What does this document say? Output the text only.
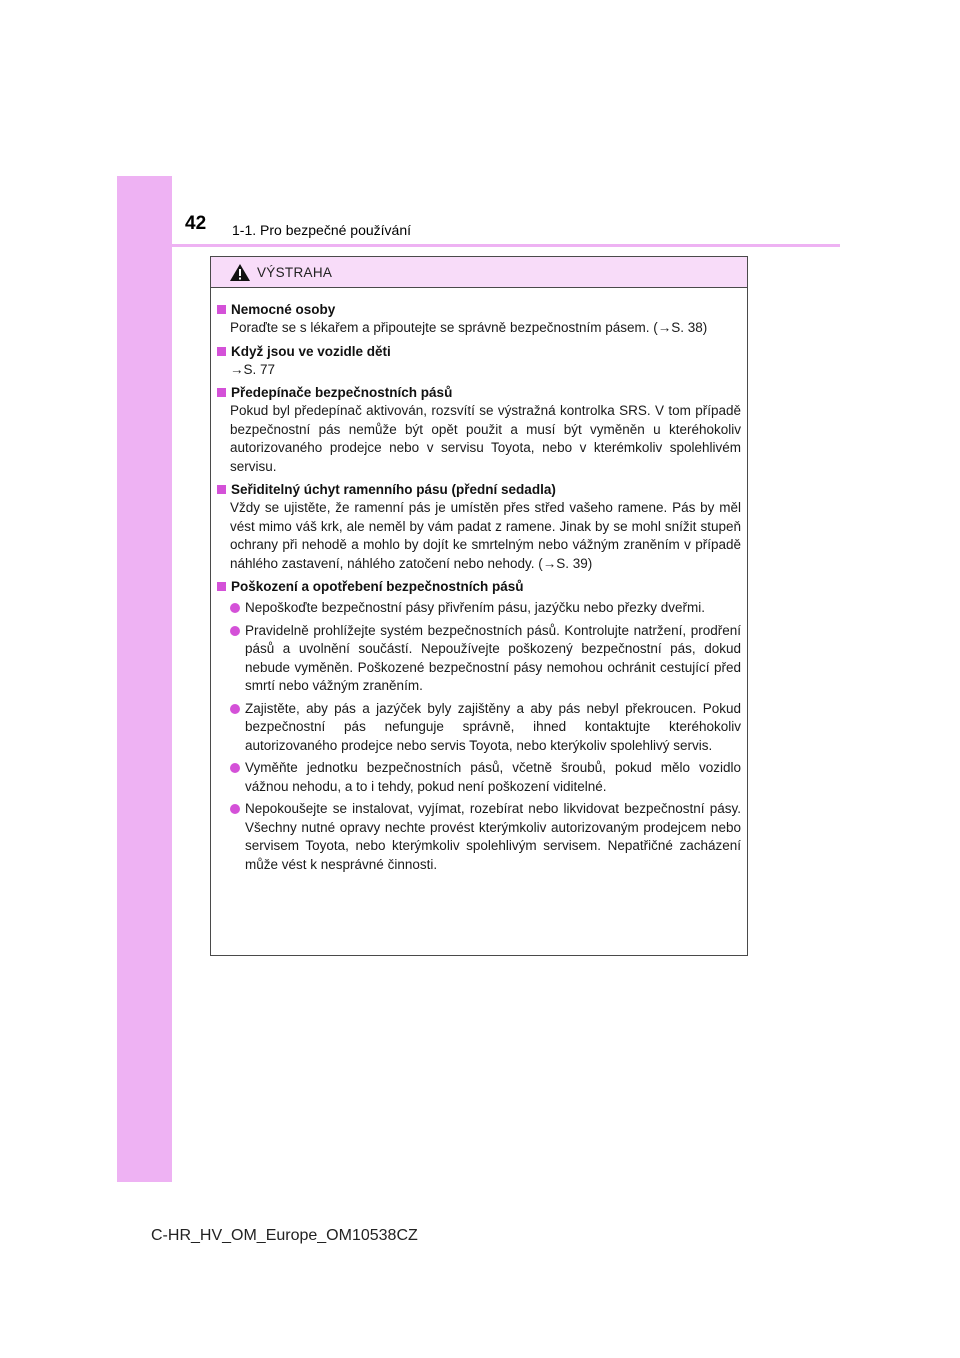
42 1-1. Pro bezpečné používání
VÝSTRAHA
Nemocné osoby
Poraďte se s lékařem a připoutejte se správně bezpečnostním pásem. (→S. 38)
Když jsou ve vozidle děti
→S. 77
Předepínače bezpečnostních pásů
Pokud byl předepínač aktivován, rozsvítí se výstražná kontrolka SRS. V tom případě bezpečnostní pás nemůže být opět použit a musí být vyměněn u kteréhokoliv autorizovaného prodejce nebo v servisu Toyota, nebo v kterémkoliv spolehlivém servisu.
Seřiditelný úchyt ramenního pásu (přední sedadla)
Vždy se ujistěte, že ramenní pás je umístěn přes střed vašeho ramene. Pás by měl vést mimo váš krk, ale neměl by vám padat z ramene. Jinak by se mohl snížit stupeň ochrany při nehodě a mohlo by dojít ke smrtelným nebo vážným zraněním v případě náhlého zastavení, náhlého zatočení nebo nehody. (→S. 39)
Poškození a opotřebení bezpečnostních pásů
Nepoškoďte bezpečnostní pásy přivřením pásu, jazýčku nebo přezky dveřmi.
Pravidelně prohlížejte systém bezpečnostních pásů. Kontrolujte natržení, prodření pásů a uvolnění součástí. Nepoužívejte poškozený bezpečnostní pás, dokud nebude vyměněn. Poškozené bezpečnostní pásy nemohou ochránit cestující před smrtí nebo vážným zraněním.
Zajistěte, aby pás a jazýček byly zajištěny a aby pás nebyl překroucen. Pokud bezpečnostní pás nefunguje správně, ihned kontaktujte kteréhokoliv autorizovaného prodejce nebo servis Toyota, nebo kterýkoliv spolehlivý servis.
Vyměňte jednotku bezpečnostních pásů, včetně šroubů, pokud mělo vozidlo vážnou nehodu, a to i tehdy, pokud není poškození viditelné.
Nepokoušejte se instalovat, vyjímat, rozebírat nebo likvidovat bezpečnostní pásy. Všechny nutné opravy nechte provést kterýmkoliv autorizovaným prodejcem nebo servisem Toyota, nebo kterýmkoliv spolehlivým servisem. Nepatřičné zacházení může vést k nesprávné činnosti.
C-HR_HV_OM_Europe_OM10538CZ
